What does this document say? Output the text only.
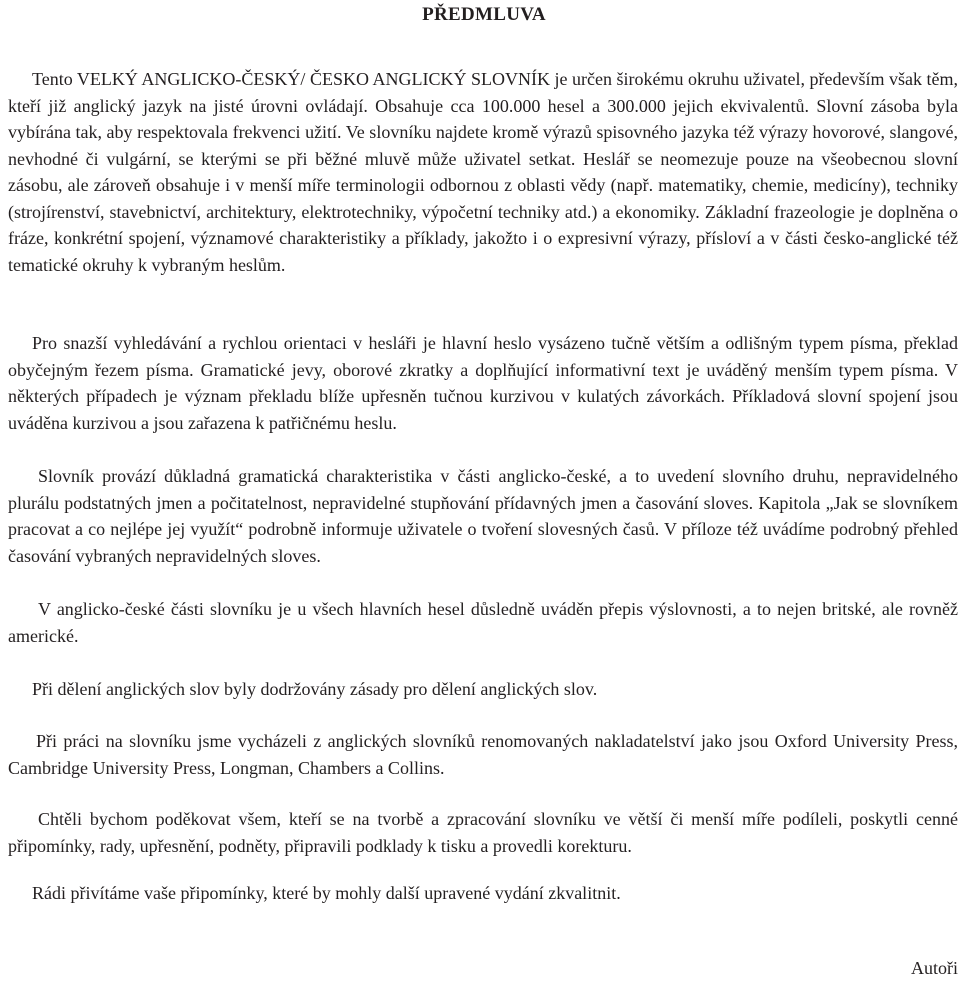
PŘEDMLUVA

Tento VELKÝ ANGLICKO-ČESKÝ/ ČESKO ANGLICKÝ SLOVNÍK je určen širokému okruhu uživatel, především však těm, kteří již anglický jazyk na jisté úrovni ovládají. Obsahuje cca 100.000 hesel a 300.000 jejich ekvivalentů. Slovní zásoba byla vybírána tak, aby respektovala frekvenci užití. Ve slovníku najdete kromě výrazů spisovného jazyka též výrazy hovorové, slangové, nevhodné či vulgární, se kterými se při běžné mluvě může uživatel setkat. Heslář se neomezuje pouze na všeobecnou slovní zásobu, ale zároveň obsahuje i v menší míře terminologii odbornou z oblasti vědy (např. matematiky, chemie, medicíny), techniky (strojírenství, stavebnictví, architektury, elektrotechniky, výpočetní techniky atd.) a ekonomiky. Základní frazeologie je doplněna o fráze, konkrétní spojení, významové charakteristiky a příklady, jakožto i o expresivní výrazy, přísloví a v části česko-anglické též tematické okruhy k vybraným heslům.

Pro snazší vyhledávání a rychlou orientaci v hesláři je hlavní heslo vysázeno tučně větším a odlišným typem písma, překlad obyčejným řezem písma. Gramatické jevy, oborové zkratky a doplňující informativní text je uváděný menším typem písma. V některých případech je význam překladu blíže upřesněn tučnou kurzivou v kulatých závorkách. Příkladová slovní spojení jsou uváděna kurzivou a jsou zařazena k patřičnému heslu.

Slovník provází důkladná gramatická charakteristika v části anglicko-české, a to uvedení slovního druhu, nepravidelného plurálu podstatných jmen a počitatelnost, nepravidelné stupňování přídavných jmen a časování sloves. Kapitola „Jak se slovníkem pracovat a co nejlépe jej využít“ podrobně informuje uživatele o tvoření slovesných časů. V příloze též uvádíme podrobný přehled časování vybraných nepravidelných sloves.

V anglicko-české části slovníku je u všech hlavních hesel důsledně uváděn přepis výslovnosti, a to nejen britské, ale rovněž americké.

Při dělení anglických slov byly dodržovány zásady pro dělení anglických slov.

Při práci na slovníku jsme vycházeli z anglických slovníků renomovaných nakladatelství jako jsou Oxford University Press, Cambridge University Press, Longman, Chambers a Collins.

Chtěli bychom poděkovat všem, kteří se na tvorbě a zpracování slovníku ve větší či menší míře podíleli, poskytli cenné připomínky, rady, upřesnění, podněty, připravili podklady k tisku a provedli korekturu.

Rádi přivítáme vaše připomínky, které by mohly další upravené vydání zkvalitnit.

Autoři
